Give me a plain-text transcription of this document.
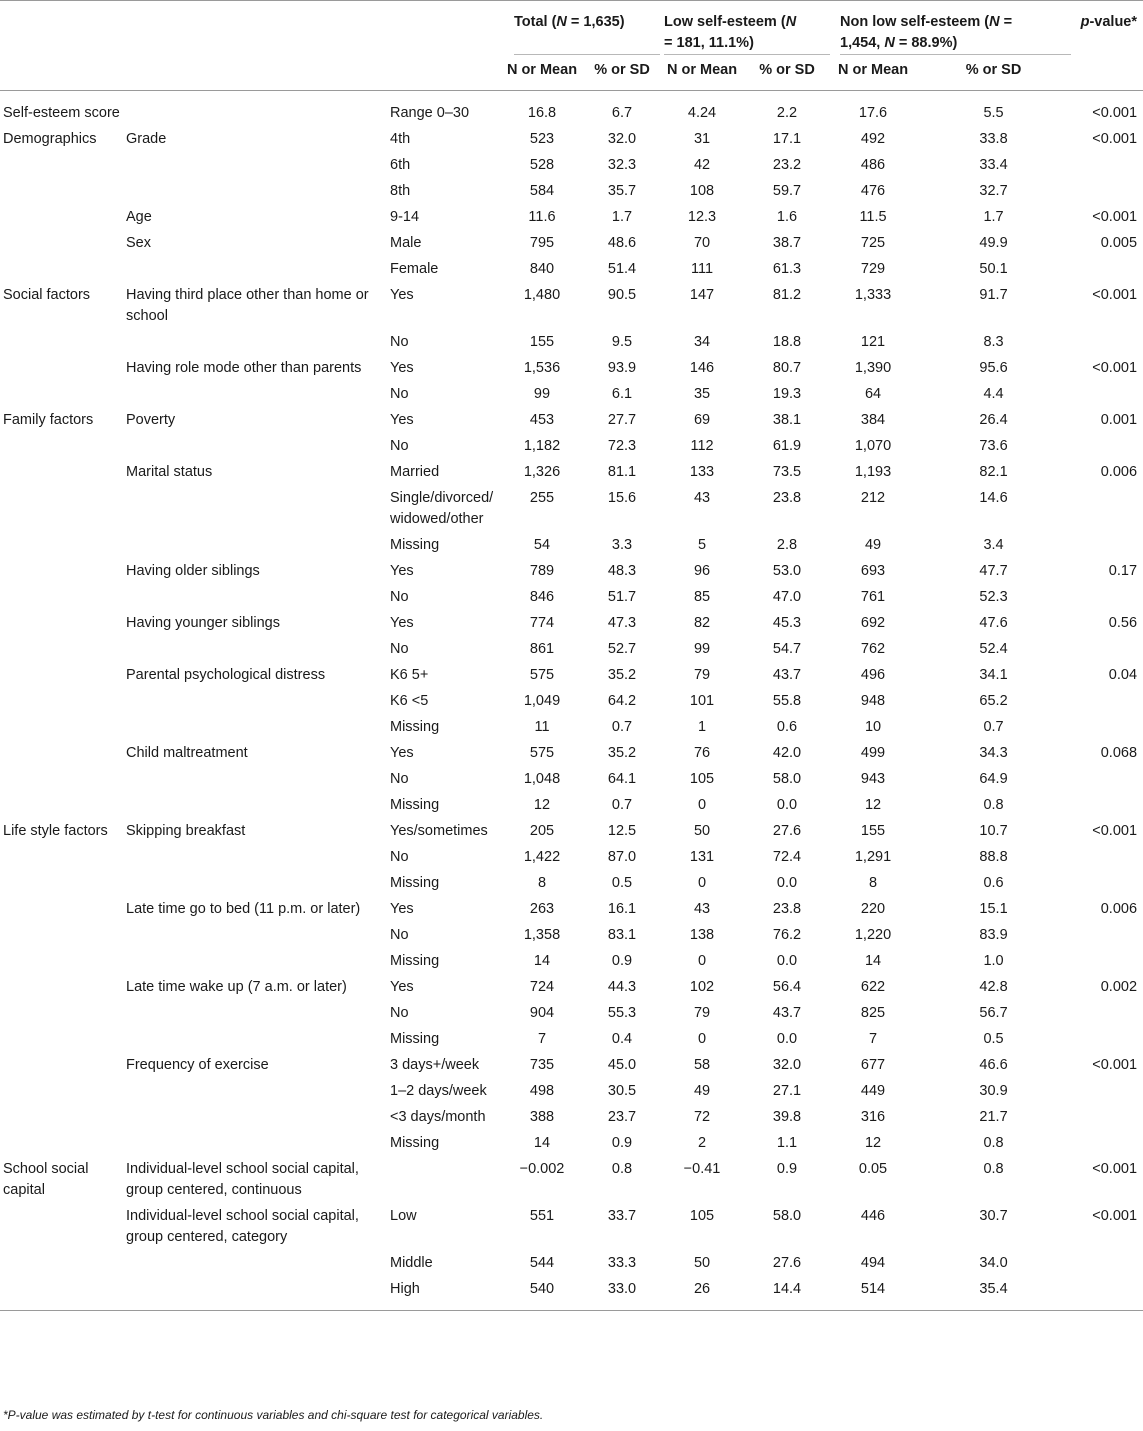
			Total (N = 1,635)		Low self-esteem (N
= 181, 11.1%)		Non low self-esteem (N =
1,454, N = 88.9%)		p-value*
			N or Mean	% or SD	N or Mean	% or SD	N or Mean	% or SD	
Self-esteem score		Range 0–30	16.8	6.7	4.24	2.2	17.6	5.5	<0.001
Demographics	Grade	4th	523	32.0	31	17.1	492	33.8	<0.001
		6th	528	32.3	42	23.2	486	33.4	
		8th	584	35.7	108	59.7	476	32.7	
	Age	9-14	11.6	1.7	12.3	1.6	11.5	1.7	<0.001
	Sex	Male	795	48.6	70	38.7	725	49.9	0.005
		Female	840	51.4	111	61.3	729	50.1	
Social factors	Having third place other than home or school	Yes	1,480	90.5	147	81.2	1,333	91.7	<0.001
		No	155	9.5	34	18.8	121	8.3	
	Having role mode other than parents	Yes	1,536	93.9	146	80.7	1,390	95.6	<0.001
		No	99	6.1	35	19.3	64	4.4	
Family factors	Poverty	Yes	453	27.7	69	38.1	384	26.4	0.001
		No	1,182	72.3	112	61.9	1,070	73.6	
	Marital status	Married	1,326	81.1	133	73.5	1,193	82.1	0.006
		Single/divorced/ widowed/other	255	15.6	43	23.8	212	14.6	
		Missing	54	3.3	5	2.8	49	3.4	
	Having older siblings	Yes	789	48.3	96	53.0	693	47.7	0.17
		No	846	51.7	85	47.0	761	52.3	
	Having younger siblings	Yes	774	47.3	82	45.3	692	47.6	0.56
		No	861	52.7	99	54.7	762	52.4	
	Parental psychological distress	K6 5+	575	35.2	79	43.7	496	34.1	0.04
		K6 <5	1,049	64.2	101	55.8	948	65.2	
		Missing	11	0.7	1	0.6	10	0.7	
	Child maltreatment	Yes	575	35.2	76	42.0	499	34.3	0.068
		No	1,048	64.1	105	58.0	943	64.9	
		Missing	12	0.7	0	0.0	12	0.8	
Life style factors	Skipping breakfast	Yes/sometimes	205	12.5	50	27.6	155	10.7	<0.001
		No	1,422	87.0	131	72.4	1,291	88.8	
		Missing	8	0.5	0	0.0	8	0.6	
	Late time go to bed (11 p.m. or later)	Yes	263	16.1	43	23.8	220	15.1	0.006
		No	1,358	83.1	138	76.2	1,220	83.9	
		Missing	14	0.9	0	0.0	14	1.0	
	Late time wake up (7 a.m. or later)	Yes	724	44.3	102	56.4	622	42.8	0.002
		No	904	55.3	79	43.7	825	56.7	
		Missing	7	0.4	0	0.0	7	0.5	
	Frequency of exercise	3 days+/week	735	45.0	58	32.0	677	46.6	<0.001
		1–2 days/week	498	30.5	49	27.1	449	30.9	
		<3 days/month	388	23.7	72	39.8	316	21.7	
		Missing	14	0.9	2	1.1	12	0.8	
School social capital	Individual-level school social capital, group centered, continuous		−0.002	0.8	−0.41	0.9	0.05	0.8	<0.001
	Individual-level school social capital, group centered, category	Low	551	33.7	105	58.0	446	30.7	<0.001
		Middle	544	33.3	50	27.6	494	34.0	
		High	540	33.0	26	14.4	514	35.4	
*P-value was estimated by t-test for continuous variables and chi-square test for categorical variables.
